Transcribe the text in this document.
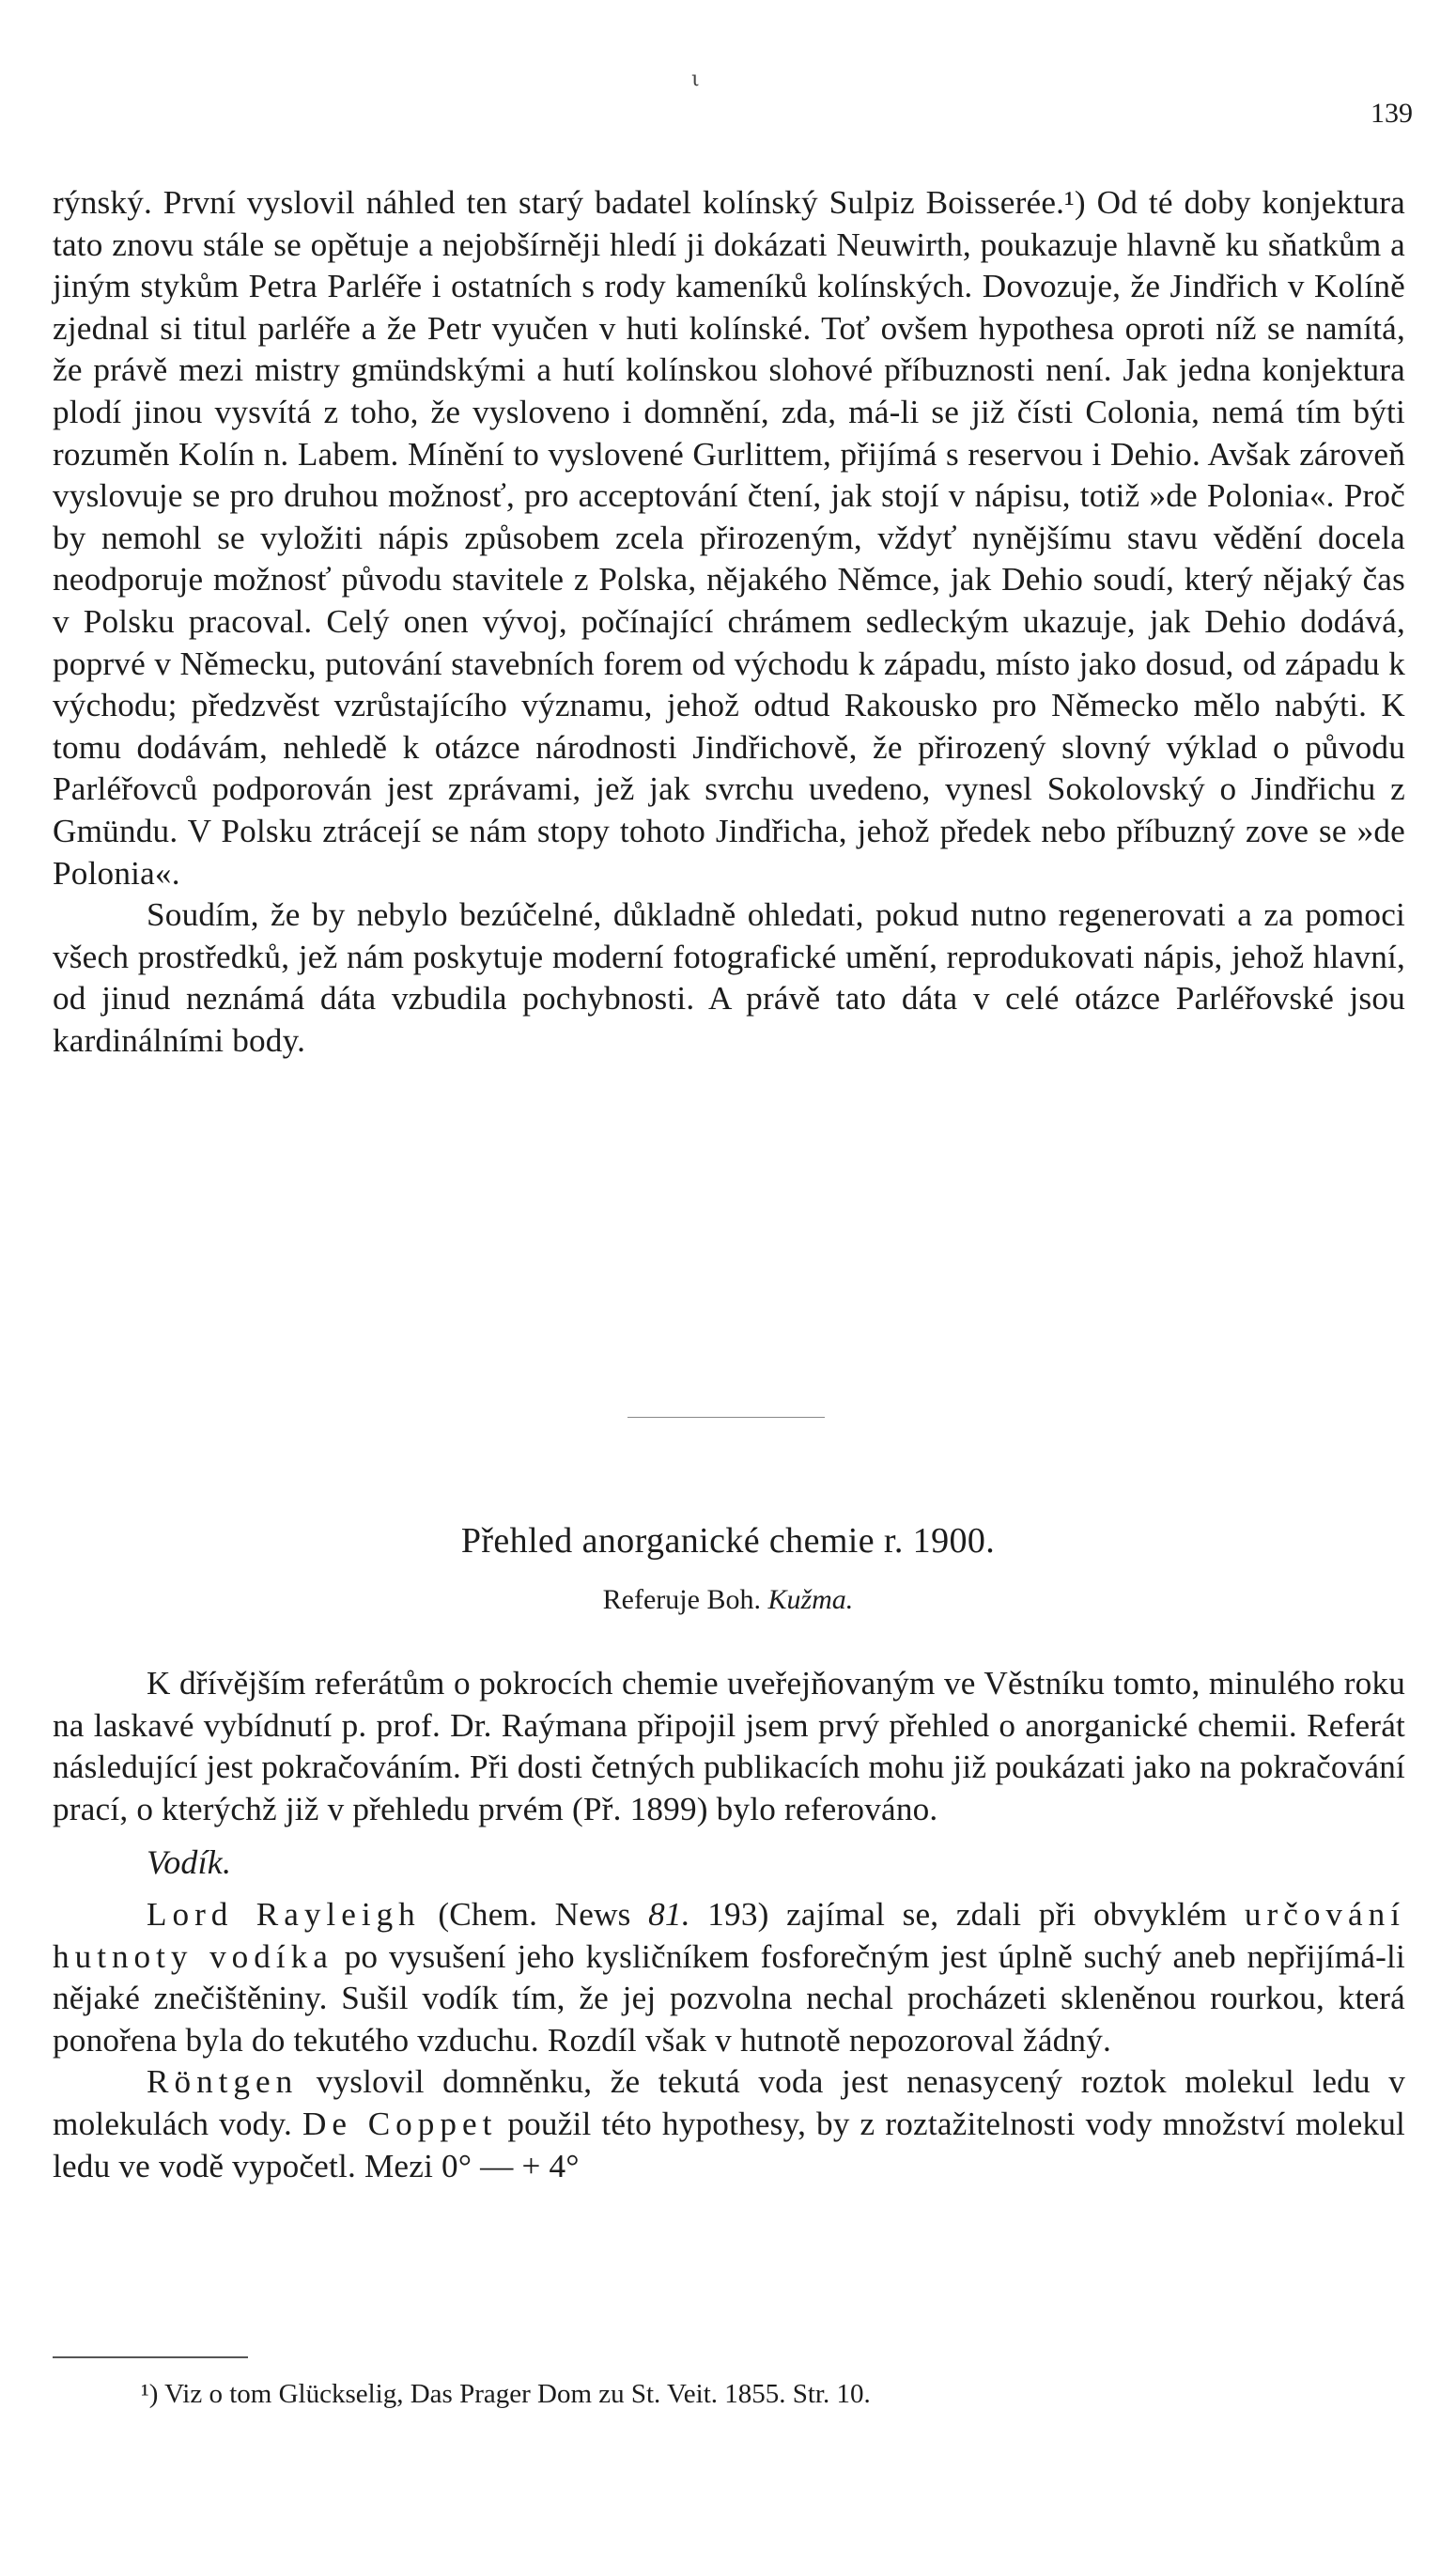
ι
139

rýnský. První vyslovil náhled ten starý badatel kolínský Sulpiz Boisserée.¹) Od té doby konjektura tato znovu stále se opětuje a nejobšírněji hledí ji dokázati Neuwirth, poukazuje hlavně ku sňatkům a jiným stykům Petra Parléře i ostatních s rody kameníků kolínských. Dovozuje, že Jindřich v Kolíně zjednal si titul parléře a že Petr vyučen v huti kolínské. Toť ovšem hypothesa oproti níž se namítá, že právě mezi mistry gmündskými a hutí kolínskou slohové příbuznosti není. Jak jedna konjektura plodí jinou vysvítá z toho, že vysloveno i domnění, zda, má-li se již čísti Colonia, nemá tím býti rozuměn Kolín n. Labem. Mínění to vyslovené Gurlittem, přijímá s reservou i Dehio. Avšak zároveň vyslovuje se pro druhou možnosť, pro acceptování čtení, jak stojí v nápisu, totiž »de Polonia«. Proč by nemohl se vyložiti nápis způsobem zcela přirozeným, vždyť nynějšímu stavu vědění docela neodporuje možnosť původu stavitele z Polska, nějakého Němce, jak Dehio soudí, který nějaký čas v Polsku pracoval. Celý onen vývoj, počínající chrámem sedleckým ukazuje, jak Dehio dodává, poprvé v Německu, putování stavebních forem od východu k západu, místo jako dosud, od západu k východu; předzvěst vzrůstajícího významu, jehož odtud Rakousko pro Německo mělo nabýti. K tomu dodávám, nehledě k otázce národnosti Jindřichově, že přirozený slovný výklad o původu Parléřovců podporován jest zprávami, jež jak svrchu uvedeno, vynesl Sokolovský o Jindřichu z Gmündu. V Polsku ztrácejí se nám stopy tohoto Jindřicha, jehož předek nebo příbuzný zove se »de Polonia«.

Soudím, že by nebylo bezúčelné, důkladně ohledati, pokud nutno regenerovati a za pomoci všech prostředků, jež nám poskytuje moderní fotografické umění, reprodukovati nápis, jehož hlavní, od jinud neznámá dáta vzbudila pochybnosti. A právě tato dáta v celé otázce Parléřovské jsou kardinálními body.

Přehled anorganické chemie r. 1900.
Referuje Boh. Kužma.

K dřívějším referátům o pokrocích chemie uveřejňovaným ve Věstníku tomto, minulého roku na laskavé vybídnutí p. prof. Dr. Raýmana připojil jsem prvý přehled o anorganické chemii. Referát následující jest pokračováním. Při dosti četných publikacích mohu již poukázati jako na pokračování prací, o kterýchž již v přehledu prvém (Př. 1899) bylo referováno.

Vodík.

Lord Rayleigh (Chem. News 81. 193) zajímal se, zdali při obvyklém určování hutnoty vodíka po vysušení jeho kysličníkem fosforečným jest úplně suchý aneb nepřijímá-li nějaké znečištěniny. Sušil vodík tím, že jej pozvolna nechal procházeti skleněnou rourkou, která ponořena byla do tekutého vzduchu. Rozdíl však v hutnotě nepozoroval žádný.

Röntgen vyslovil domněnku, že tekutá voda jest nenasycený roztok molekul ledu v molekulách vody. De Coppet použil této hypothesy, by z roztažitelnosti vody množství molekul ledu ve vodě vypočetl. Mezi 0° — + 4°

¹) Viz o tom Glückselig, Das Prager Dom zu St. Veit. 1855. Str. 10.
